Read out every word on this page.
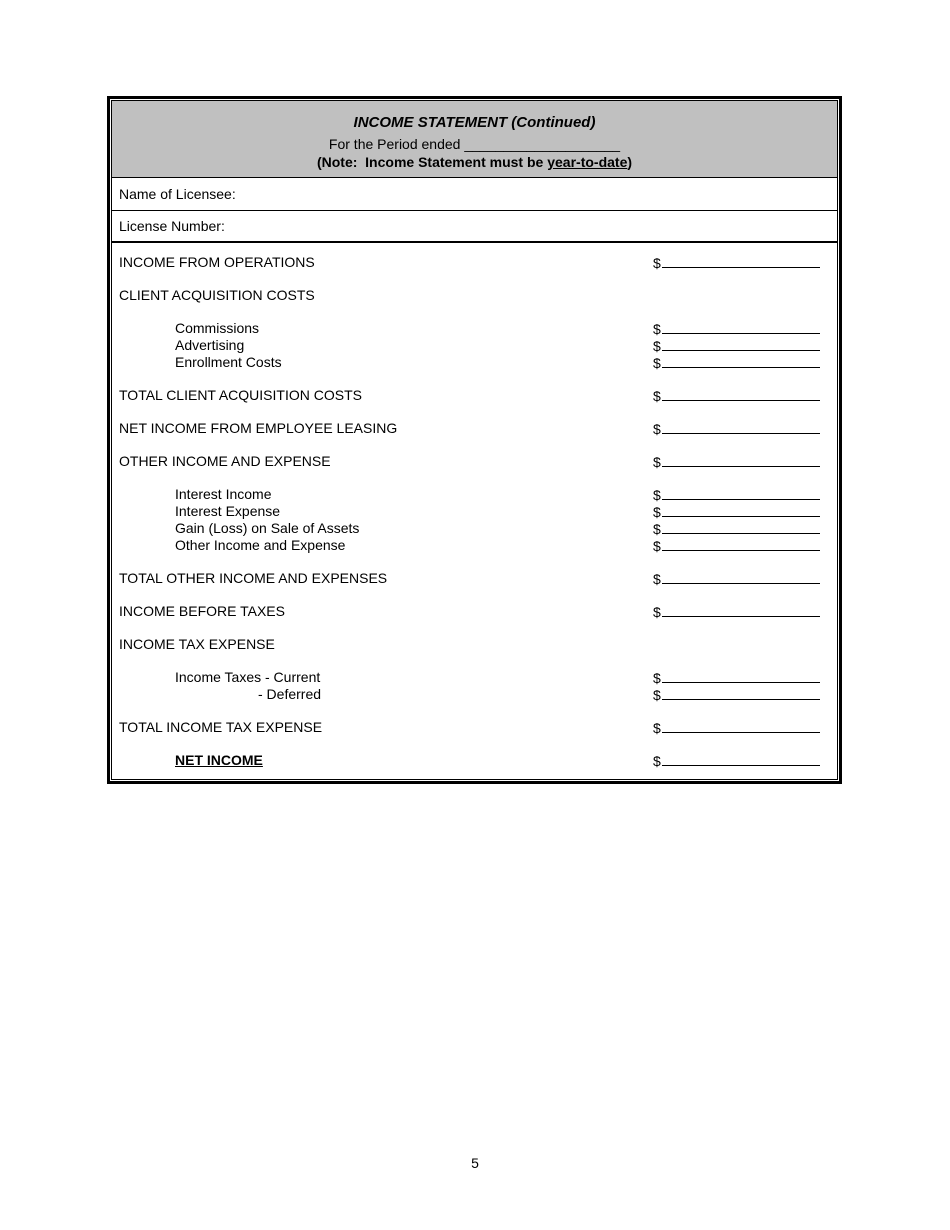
INCOME STATEMENT (Continued)
For the Period ended ____________________
(Note:  Income Statement must be year-to-date)
Name of Licensee:
License Number:
INCOME FROM OPERATIONS	$
CLIENT ACQUISITION COSTS
Commissions	$
Advertising	$
Enrollment Costs	$
TOTAL CLIENT ACQUISITION COSTS	$
NET INCOME FROM EMPLOYEE LEASING	$
OTHER INCOME AND EXPENSE	$
Interest Income	$
Interest Expense	$
Gain (Loss) on Sale of Assets	$
Other Income and Expense	$
TOTAL OTHER INCOME AND EXPENSES	$
INCOME BEFORE TAXES	$
INCOME TAX EXPENSE
Income Taxes - Current	$
- Deferred	$
TOTAL INCOME TAX EXPENSE	$
NET INCOME	$
5
